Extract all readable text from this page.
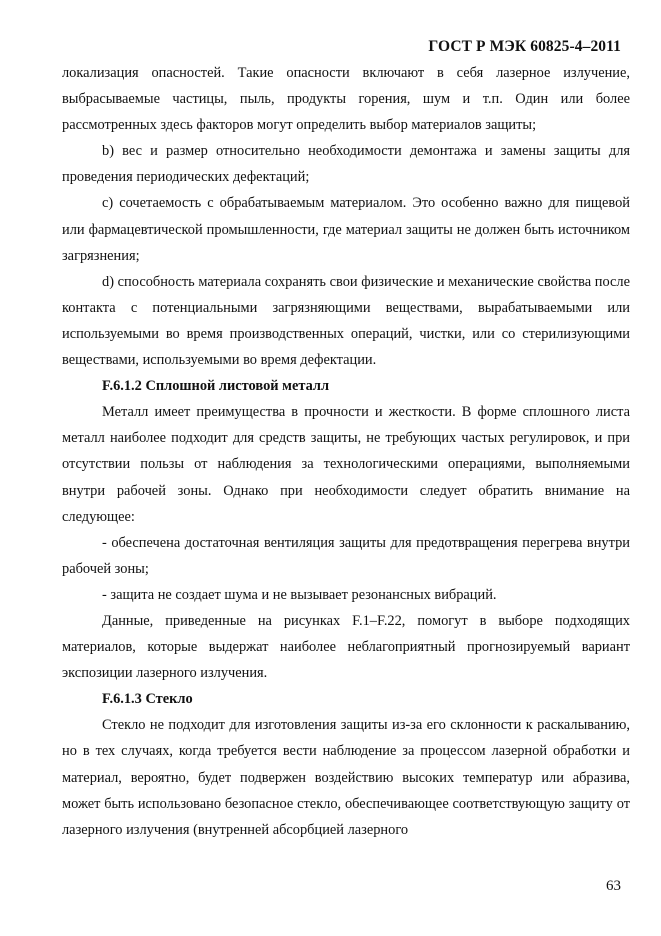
ГОСТ Р МЭК 60825-4–2011

локализация опасностей. Такие опасности включают в себя лазерное излучение, выбрасываемые частицы, пыль, продукты горения, шум и т.п. Один или более рассмотренных здесь факторов могут определить выбор материалов защиты;

b) вес и размер относительно необходимости демонтажа и замены защиты для проведения периодических дефектаций;

c) сочетаемость с обрабатываемым материалом. Это особенно важно для пищевой или фармацевтической промышленности, где материал защиты не должен быть источником загрязнения;

d) способность материала сохранять свои физические и механические свойства после контакта с потенциальными загрязняющими веществами, вырабатываемыми или используемыми во время производственных операций, чистки, или со стерилизующими веществами, используемыми во время дефектации.

F.6.1.2 Сплошной листовой металл

Металл имеет преимущества в прочности и жесткости. В форме сплошного листа металл наиболее подходит для средств защиты, не требующих частых регулировок, и при отсутствии пользы от наблюдения за технологическими операциями, выполняемыми внутри рабочей зоны. Однако при необходимости следует обратить внимание на следующее:

- обеспечена достаточная вентиляция защиты для предотвращения перегрева внутри рабочей зоны;

- защита не создает шума и не вызывает резонансных вибраций.

Данные, приведенные на рисунках F.1–F.22, помогут в выборе подходящих материалов, которые выдержат наиболее неблагоприятный прогнозируемый вариант экспозиции лазерного излучения.

F.6.1.3 Стекло

Стекло не подходит для изготовления защиты из-за его склонности к раскалыванию, но в тех случаях, когда требуется вести наблюдение за процессом лазерной обработки и материал, вероятно, будет подвержен воздействию высоких температур или абразива, может быть использовано безопасное стекло, обеспечивающее соответствующую защиту от лазерного излучения (внутренней абсорбцией лазерного

63
